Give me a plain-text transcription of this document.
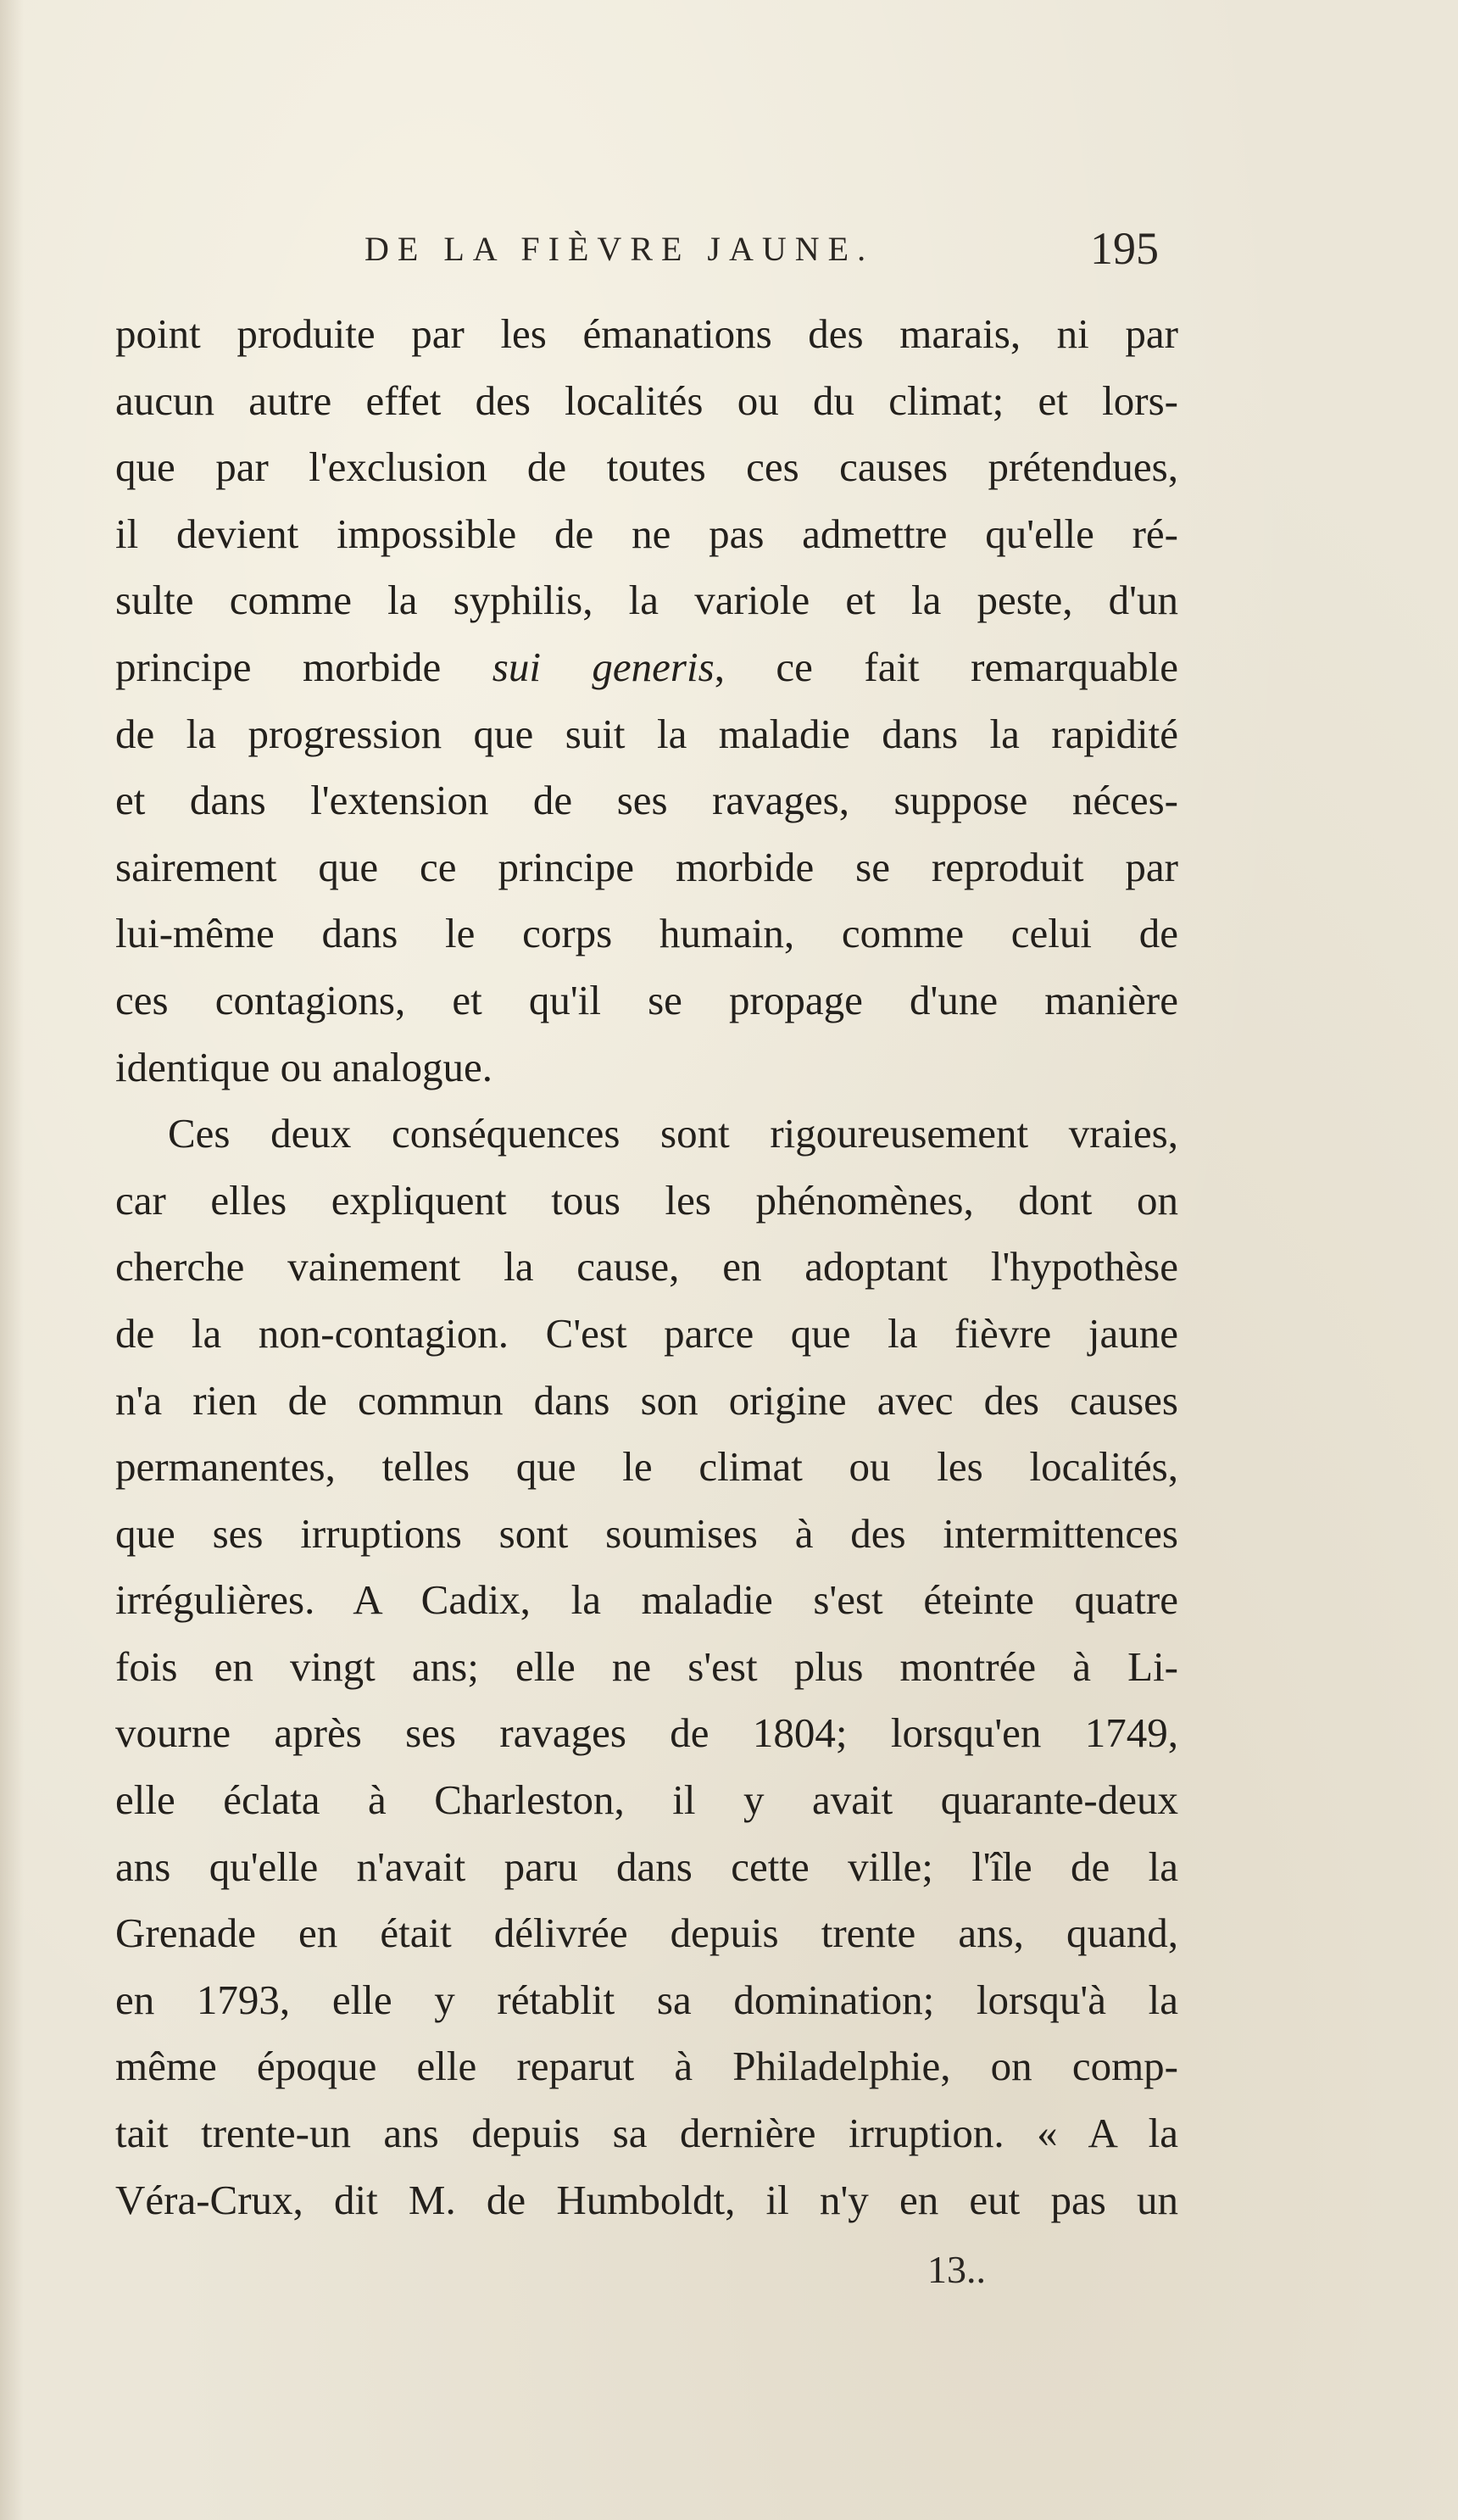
DE LA FIÈVRE JAUNE.	195
point produite par les émanations des marais, ni par
aucun autre effet des localités ou du climat; et lors-
que par l'exclusion de toutes ces causes prétendues,
il devient impossible de ne pas admettre qu'elle ré-
sulte comme la syphilis, la variole et la peste, d'un
principe morbide sui generis, ce fait remarquable
de la progression que suit la maladie dans la rapidité
et dans l'extension de ses ravages, suppose néces-
sairement que ce principe morbide se reproduit par
lui-même dans le corps humain, comme celui de
ces contagions, et qu'il se propage d'une manière
identique ou analogue.
Ces deux conséquences sont rigoureusement vraies,
car elles expliquent tous les phénomènes, dont on
cherche vainement la cause, en adoptant l'hypothèse
de la non-contagion. C'est parce que la fièvre jaune
n'a rien de commun dans son origine avec des causes
permanentes, telles que le climat ou les localités,
que ses irruptions sont soumises à des intermittences
irrégulières. A Cadix, la maladie s'est éteinte quatre
fois en vingt ans; elle ne s'est plus montrée à Li-
vourne après ses ravages de 1804; lorsqu'en 1749,
elle éclata à Charleston, il y avait quarante-deux
ans qu'elle n'avait paru dans cette ville; l'île de la
Grenade en était délivrée depuis trente ans, quand,
en 1793, elle y rétablit sa domination; lorsqu'à la
même époque elle reparut à Philadelphie, on comp-
tait trente-un ans depuis sa dernière irruption. « A la
Véra-Crux, dit M. de Humboldt, il n'y en eut pas un
13..
